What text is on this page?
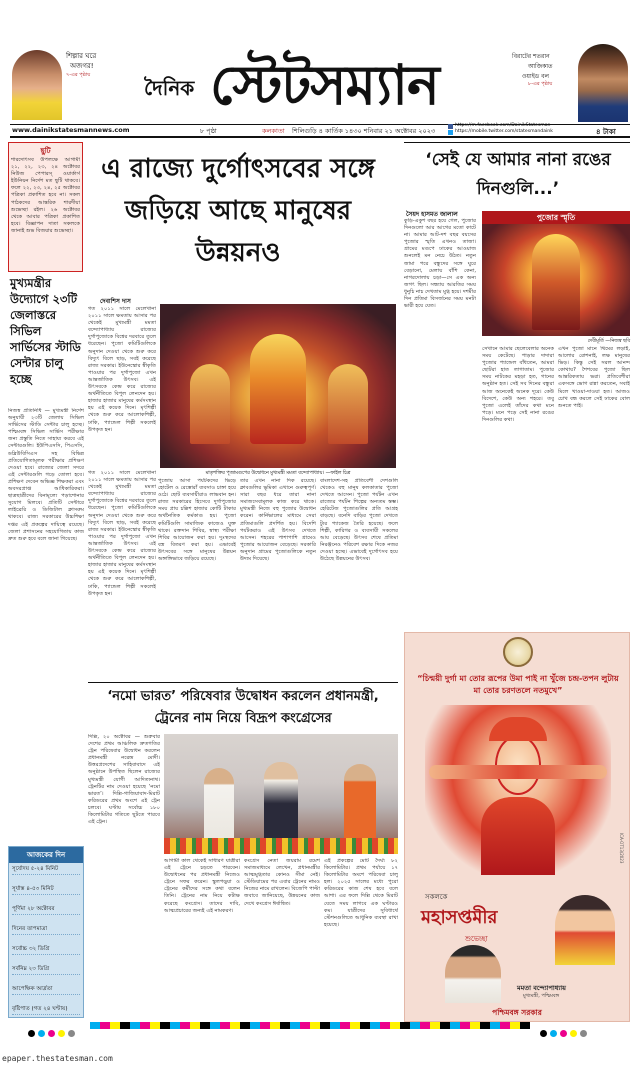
শিল্পার ঘরে
অজগর!
৭-এর পৃষ্ঠায়
দৈনিক স্টেটসম্যান	বিরাটের শতরান
আজিকাত
ওয়াইড বল
৮-এর পৃষ্ঠায়
www.dainikstatesmannews.com	৮ পৃষ্ঠা	কলকাতা শিলিগুড়ি ৪ কার্তিক ১৪৩০ শনিবার ২১ অক্টোবর ২০২৩
https://m.facebook.com/DainikStatesman
https://mobile.twitter.com/statesmandaink	৪ টাকা
ছুটি
শারদোৎসব উপলক্ষে আগামী ২১, ২২, ২৩, ২৪ অক্টোবর নিউজ পেপারস্‌ ওয়ার্কার্স ইউনিয়ন নির্দেশ মত ছুটি থাকবে। ফলে ২২, ২৩, ২৪, ২৫ অক্টোবর পত্রিকা প্রকাশিত হবে না। সকল পাঠকদের আন্তরিক শারদীয়া শুভেচ্ছা রইল। ২৬ অক্টোবর থেকে আবার পত্রিকা প্রকাশিত হবে। বিজ্ঞাপন দাতা সকলকে জানাই শুভ বিজয়ার শুভেচ্ছা।
মুখ্যমন্ত্রীর উদ্যোগে ২৩টি জেলাস্তরে সিভিল সার্ভিসের স্টাডি সেন্টার চালু হচ্ছে
নিজস্ব প্রতিনিধি — মুখ্যমন্ত্রী নির্দেশ অনুযায়ী ২৩টি জেলায় সিভিল সার্ভিসের স্টাডি সেন্টার চালু হচ্ছে। পশ্চিমবঙ্গ সিভিল সার্ভিস পরীক্ষার জন্য প্রস্তুতি নিতে সাহায্য করবে এই সেন্টারগুলি। ইউপিএসসি, পিএসসি, ডব্লিউবিসিএস সহ বিভিন্ন প্রতিযোগিতামূলক পরীক্ষার প্রশিক্ষণ দেওয়া হবে। রাজ্যের জেলা সদরে এই সেন্টারগুলি গড়ে তোলা হবে। প্রশিক্ষণ দেবেন অভিজ্ঞ শিক্ষকরা এবং অবসরপ্রাপ্ত আধিকারিকরা। ছাত্রছাত্রীদের বিনামূল্যে পড়াশোনার সুযোগ মিলবে। প্রতিটি সেন্টারে লাইব্রেরি ও ডিজিটাল ক্লাসরুম থাকবে। রাজ্য সরকারের উচ্চশিক্ষা দপ্তর এই প্রকল্পের দায়িত্বে রয়েছে। জেলা প্রশাসনের সহযোগিতায় কাজ দ্রুত শুরু হবে বলে জানা গিয়েছে।
আজকের দিন
সূর্যোদয় ৫-২৪ মিনিট
সূর্যাস্ত ৪-৫৩ মিনিট
পূর্ণিমা ২৮ অক্টোবর
দিনের তাপমাত্রা
সর্বোচ্চ ৩২ ডিগ্রি
সর্বনিম্ন ২৩ ডিগ্রি
আপেক্ষিক আর্দ্রতা
বৃষ্টিপাত (গত ২৪ ঘণ্টায়)
এ রাজ্যে দুর্গোৎসবের সঙ্গে জড়িয়ে আছে মানুষের উন্নয়নও
দেবাশিস দাস
গত ২০১১ সালে মেলেখানা ২০১১ সালে ক্ষমতায় আসার পর থেকেই মুখ্যমন্ত্রী মমতা বন্দ্যোপাধ্যায় রাজ্যের দুর্গাপুজোকে বিশ্বের দরবারে তুলে ধরেছেন। পুজো কমিটিগুলিকে অনুদান দেওয়া থেকে শুরু করে বিদ্যুৎ বিলে ছাড়, সবই করেছে রাজ্য সরকার। ইউনেস্কোর স্বীকৃতি পাওয়ার পর দুর্গাপুজো এখন আন্তর্জাতিক উৎসব। এই উৎসবকে কেন্দ্র করে রাজ্যের অর্থনীতিতে বিপুল লেনদেন হয়। হাজার হাজার মানুষের কর্মসংস্থান হয় এই কয়েক দিনে। মৃৎশিল্পী থেকে শুরু করে আলোকশিল্পী, ঢাকি, প্যান্ডেল শিল্পী সকলেই উপকৃত হন।
মাতৃশক্তির পূজামণ্ডপের উদ্বোধনে মুখ্যমন্ত্রী মমতা বন্দ্যোপাধ্যায়। —ফাইল চিত্র
পুজোয় আসা পর্যটকদের ভিড়ে হোটেল ও রেস্তোরাঁ ব্যবসাও চাঙ্গা হয়ে ওঠে। ছোট ব্যবসায়ীরাও লাভবান হন। রাজ্য সরকারের হিসেবে দুর্গাপুজোর সময় প্রায় চল্লিশ হাজার কোটি টাকার অর্থনৈতিক কর্মকাণ্ড হয়। পুজো কমিটিগুলি সামাজিক কাজেও যুক্ত থাকে। রক্তদান শিবির, স্বাস্থ্য পরীক্ষা শিবির আয়োজন করা হয়। দুঃস্থদের বস্ত্র বিতরণ করা হয়। এভাবেই উৎসবের সঙ্গে মানুষের উন্নয়ন অঙ্গাঙ্গিভাবে জড়িয়ে রয়েছে।
তার এখন নানা দিক রয়েছে। ক্লাবগুলির ভূমিকা এখানে গুরুত্বপূর্ণ। সারা বছর ধরে তারা নানা সমাজসেবামূলক কাজ করে থাকে। মুখ্যমন্ত্রী নিজে বহু পুজোর উদ্বোধন করেন। কার্নিভালের মাধ্যমে সেরা প্রতিমাগুলি প্রদর্শিত হয়। বিদেশি পর্যটকরাও এই উৎসব দেখতে আসেন। শহরের পাশাপাশি গ্রামেও পুজোর আয়োজন বেড়েছে। সরকারি অনুদান গ্রামের পুজোগুলিকে নতুন উদ্যম দিয়েছে।
বাংলাদেশ-সহ প্রতিবেশী দেশগুলি থেকেও বহু মানুষ কলকাতার পুজো দেখতে আসেন। পুজো পর্যটন এখন রাজ্যের পর্যটন শিল্পের অন্যতম স্তম্ভ। হেরিটেজ পুজোগুলির প্রতি আগ্রহ বাড়ছে। বনেদি বাড়ির পুজো দেখতে ট্যুর প্যাকেজ তৈরি হয়েছে। ফলে শিল্পী, কারিগর ও ব্যবসায়ী সকলের আয় বেড়েছে। উৎসব শেষে প্রতিমা নিরঞ্জনেও পরিবেশ রক্ষার দিকে নজর দেওয়া হচ্ছে। এভাবেই দুর্গোৎসব হয়ে উঠেছে উন্নয়নের উৎসব।
গত ২০১১ সালে মেলেখানা ২০১১ সালে ক্ষমতায় আসার পর থেকেই মুখ্যমন্ত্রী মমতা বন্দ্যোপাধ্যায় রাজ্যের দুর্গাপুজোকে বিশ্বের দরবারে তুলে ধরেছেন। পুজো কমিটিগুলিকে অনুদান দেওয়া থেকে শুরু করে বিদ্যুৎ বিলে ছাড়, সবই করেছে রাজ্য সরকার। ইউনেস্কোর স্বীকৃতি পাওয়ার পর দুর্গাপুজো এখন আন্তর্জাতিক উৎসব। এই উৎসবকে কেন্দ্র করে রাজ্যের অর্থনীতিতে বিপুল লেনদেন হয়। হাজার হাজার মানুষের কর্মসংস্থান হয় এই কয়েক দিনে। মৃৎশিল্পী থেকে শুরু করে আলোকশিল্পী, ঢাকি, প্যান্ডেল শিল্পী সকলেই উপকৃত হন।
‘সেই যে আমার নানা রঙের দিনগুলি...’
সৈয়দ হাসমত জালাল
কুড়ি-একুশ বছর হয়ে গেল, পুজোর দিনগুলো আর আগের মতো কাটে না। আমার আট-দশ বছর বয়সের পুজোর স্মৃতি এখনও তাজা। গ্রামের মণ্ডপে ঢাকের আওয়াজ শুনলেই মন নেচে উঠত। নতুন জামা পরে বন্ধুদের সঙ্গে ঘুরে বেড়ানো, মেলায় বাঁশি কেনা, নাগরদোলায় চড়া—সে এক অন্য জগৎ ছিল। সন্ধ্যায় আরতির সময় ধুনুচি নাচ দেখতাম মুগ্ধ হয়ে। দশমীর দিন প্রতিমা বিসর্জনের সময় মনটা ভারী হয়ে যেত।
পুজোর স্মৃতি
দেবীমূর্তি —নিজস্ব ছবি
সেখানে আমার ছেলেবেলার অনেক সময় কেটেছে। পাড়ার দাদারা পুজোর প্যান্ডেল বাঁধতেন, আমরা ছোটরা হাত লাগাতাম। পুজোর সময় নাটকের মহড়া হত, গানের অনুষ্ঠান হত। সেই সব দিনের বন্ধুরা আজ অনেকেই অনেক দূরে। কেউ বিদেশে, কেউ অন্য শহরে। তবু পুজো এলেই তাঁদের কথা মনে পড়ে। মনে পড়ে সেই নানা রঙের দিনগুলির কথা।
এখন পুজো মানে থিমের লড়াই, আলোর রোশনাই, লক্ষ মানুষের ভিড়। কিন্তু সেই সরল আনন্দ কোথায়? শৈশবের পুজো ছিল আন্তরিকতায় ভরা। প্রতিবেশীরা একসঙ্গে ভোগ রান্না করতেন, সবাই মিলে খাওয়া-দাওয়া হত। আজও চোখ বন্ধ করলে সেই ঢাকের বোল শুনতে পাই।
‘নমো ভারত’ পরিষেবার উদ্বোধন করলেন প্রধানমন্ত্রী, ট্রেনের নাম নিয়ে বিদ্রূপ কংগ্রেসের
দিল্লি, ২০ অক্টোবর — শুক্রবার দেশের প্রথম আঞ্চলিক দ্রুতগতির ট্রেন পরিষেবার উদ্বোধন করলেন প্রধানমন্ত্রী নরেন্দ্র মোদী। উত্তরপ্রদেশের সাহিবাবাদে এই অনুষ্ঠানে উপস্থিত ছিলেন রাজ্যের মুখ্যমন্ত্রী যোগী আদিত্যনাথ। ট্রেনটির নাম দেওয়া হয়েছে ‘নমো ভারত’। দিল্লি-গাজিয়াবাদ-মিরাট করিডরের প্রথম অংশে এই ট্রেন চলবে। ঘণ্টায় সর্বোচ্চ ১৮০ কিলোমিটার গতিতে ছুটতে পারবে এই ট্রেন।
আগামী কাল থেকেই সাধারণ যাত্রীরা এই ট্রেনে চড়তে পারবেন। উদ্বোধনের পর প্রধানমন্ত্রী নিজেও ট্রেনে সফর করেন। স্কুলপড়ুয়া ও ট্রেনের কর্মীদের সঙ্গে কথা বলেন তিনি। ট্রেনের নাম নিয়ে কটাক্ষ করেছে কংগ্রেস। তাদের দাবি, আত্মপ্রচারের জন্যই এই নামকরণ।
কংগ্রেস নেতা জয়রাম রমেশ সমাজমাধ্যমে লেখেন, প্রধানমন্ত্রীর আত্মমুগ্ধতার কোনও সীমা নেই। স্টেডিয়ামের পর এবার ট্রেনের নামও নিজের নামে রাখলেন। বিজেপি পাল্টা জবাবে জানিয়েছে, উন্নয়নের কাজ দেখে কংগ্রেস ঈর্ষান্বিত।
এই প্রকল্পের মোট দৈর্ঘ্য ৮২ কিলোমিটার। প্রথম পর্যায়ে ১৭ কিলোমিটার অংশে পরিষেবা চালু হল। ২০২৫ সালের মধ্যে পুরো করিডরের কাজ শেষ হবে বলে আশা। এর ফলে দিল্লি থেকে মিরাট যেতে সময় লাগবে এক ঘণ্টারও কম। যাত্রীদের সুবিধার্থে স্টেশনগুলিতে আধুনিক ব্যবস্থা রাখা হয়েছে।
“চিন্ময়ী দুর্গা মা তোর রূপের উমা পাই না খুঁজে চন্দ্র-তপন লুটায় মা তোর চরণতলে নতমুখে”
সকলকে
মহাসপ্তমীর
শুভেচ্ছা
মমতা বন্দ্যোপাধ্যায়
মুখ্যমন্ত্রী, পশ্চিমবঙ্গ
ICA-OT13/2023
পশ্চিমবঙ্গ সরকার
epaper.thestatesman.com
